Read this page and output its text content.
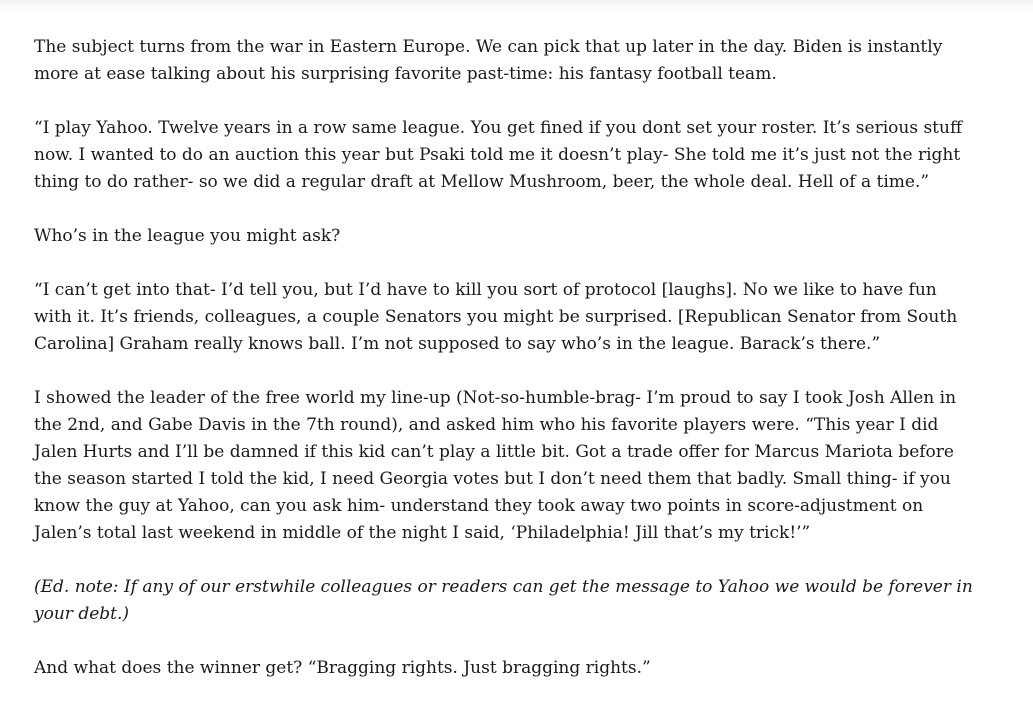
The subject turns from the war in Eastern Europe. We can pick that up later in the day. Biden is instantly more at ease talking about his surprising favorite past-time: his fantasy football team.

“I play Yahoo. Twelve years in a row same league. You get fined if you dont set your roster. It’s serious stuff now. I wanted to do an auction this year but Psaki told me it doesn’t play- She told me it’s just not the right thing to do rather- so we did a regular draft at Mellow Mushroom, beer, the whole deal. Hell of a time.”

Who’s in the league you might ask?

“I can’t get into that- I’d tell you, but I’d have to kill you sort of protocol [laughs]. No we like to have fun with it. It’s friends, colleagues, a couple Senators you might be surprised. [Republican Senator from South Carolina] Graham really knows ball. I’m not supposed to say who’s in the league. Barack’s there.”

I showed the leader of the free world my line-up (Not-so-humble-brag- I’m proud to say I took Josh Allen in the 2nd, and Gabe Davis in the 7th round), and asked him who his favorite players were. “This year I did Jalen Hurts and I’ll be damned if this kid can’t play a little bit. Got a trade offer for Marcus Mariota before the season started I told the kid, I need Georgia votes but I don’t need them that badly. Small thing- if you know the guy at Yahoo, can you ask him- understand they took away two points in score-adjustment on Jalen’s total last weekend in middle of the night I said, ‘Philadelphia! Jill that’s my trick!’”

(Ed. note: If any of our erstwhile colleagues or readers can get the message to Yahoo we would be forever in your debt.)

And what does the winner get? “Bragging rights. Just bragging rights.”
